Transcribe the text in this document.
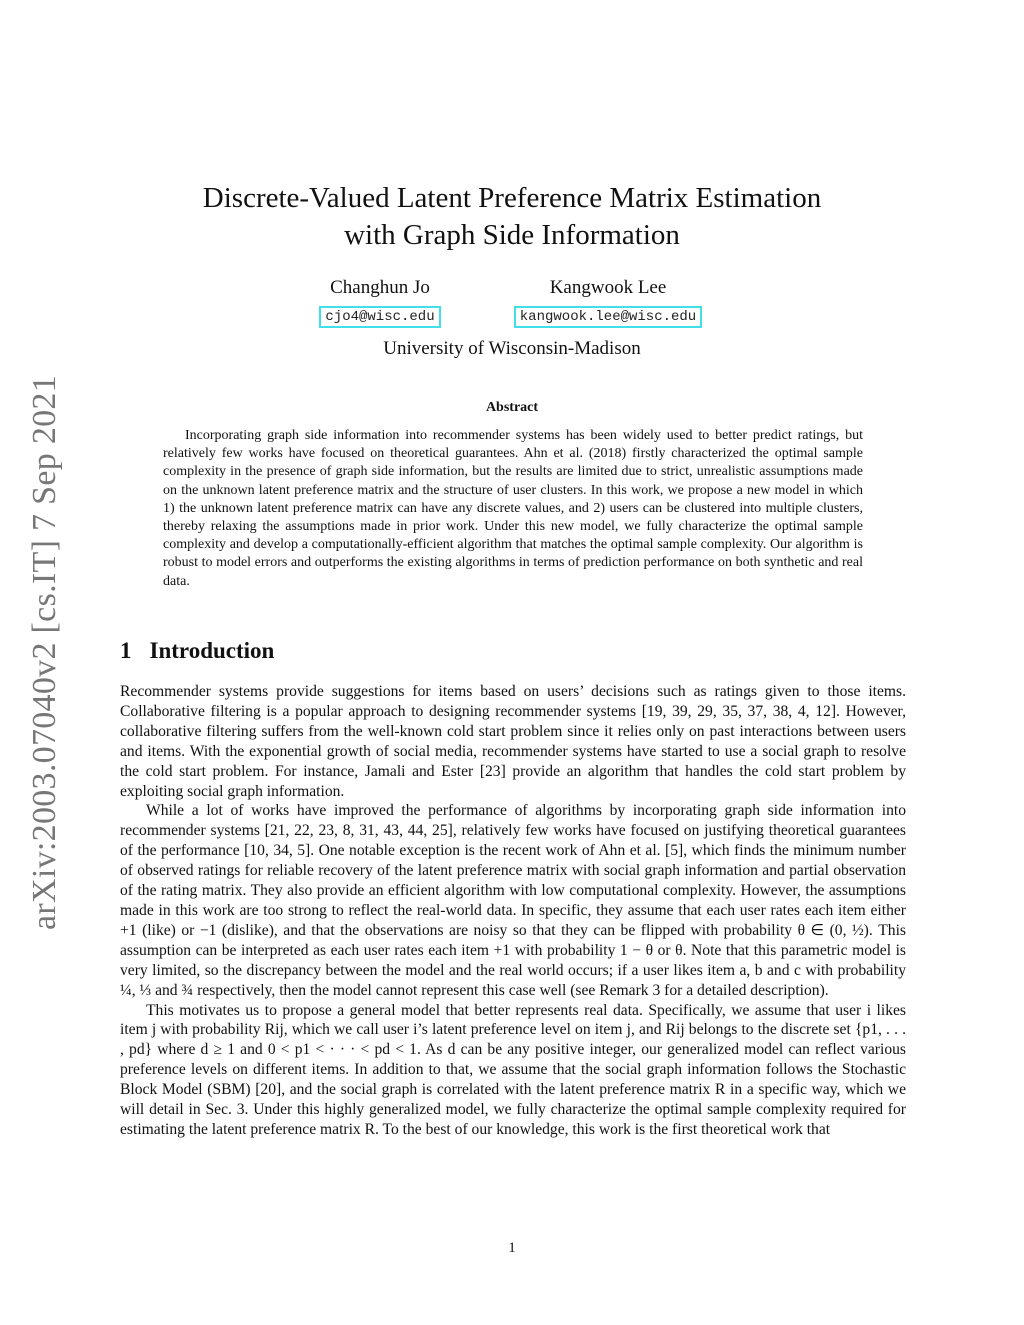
arXiv:2003.07040v2 [cs.IT] 7 Sep 2021
Discrete-Valued Latent Preference Matrix Estimation
with Graph Side Information
Changhun Jo
cjo4@wisc.edu
Kangwook Lee
kangwook.lee@wisc.edu
University of Wisconsin-Madison
Abstract

Incorporating graph side information into recommender systems has been widely used to better predict ratings, but relatively few works have focused on theoretical guarantees. Ahn et al. (2018) firstly characterized the optimal sample complexity in the presence of graph side information, but the results are limited due to strict, unrealistic assumptions made on the unknown latent preference matrix and the structure of user clusters. In this work, we propose a new model in which 1) the unknown latent preference matrix can have any discrete values, and 2) users can be clustered into multiple clusters, thereby relaxing the assumptions made in prior work. Under this new model, we fully characterize the optimal sample complexity and develop a computationally-efficient algorithm that matches the optimal sample complexity. Our algorithm is robust to model errors and outperforms the existing algorithms in terms of prediction performance on both synthetic and real data.

1 Introduction

Recommender systems provide suggestions for items based on users’ decisions such as ratings given to those items. Collaborative filtering is a popular approach to designing recommender systems [19, 39, 29, 35, 37, 38, 4, 12]. However, collaborative filtering suffers from the well-known cold start problem since it relies only on past interactions between users and items. With the exponential growth of social media, recommender systems have started to use a social graph to resolve the cold start problem. For instance, Jamali and Ester [23] provide an algorithm that handles the cold start problem by exploiting social graph information.

While a lot of works have improved the performance of algorithms by incorporating graph side information into recommender systems [21, 22, 23, 8, 31, 43, 44, 25], relatively few works have focused on justifying theoretical guarantees of the performance [10, 34, 5]. One notable exception is the recent work of Ahn et al. [5], which finds the minimum number of observed ratings for reliable recovery of the latent preference matrix with social graph information and partial observation of the rating matrix. They also provide an efficient algorithm with low computational complexity. However, the assumptions made in this work are too strong to reflect the real-world data. In specific, they assume that each user rates each item either +1 (like) or −1 (dislike), and that the observations are noisy so that they can be flipped with probability θ ∈ (0, ½). This assumption can be interpreted as each user rates each item +1 with probability 1 − θ or θ. Note that this parametric model is very limited, so the discrepancy between the model and the real world occurs; if a user likes item a, b and c with probability ¼, ⅓ and ¾ respectively, then the model cannot represent this case well (see Remark 3 for a detailed description).

This motivates us to propose a general model that better represents real data. Specifically, we assume that user i likes item j with probability Rij, which we call user i’s latent preference level on item j, and Rij belongs to the discrete set {p1, . . . , pd} where d ≥ 1 and 0 < p1 < · · · < pd < 1. As d can be any positive integer, our generalized model can reflect various preference levels on different items. In addition to that, we assume that the social graph information follows the Stochastic Block Model (SBM) [20], and the social graph is correlated with the latent preference matrix R in a specific way, which we will detail in Sec. 3. Under this highly generalized model, we fully characterize the optimal sample complexity required for estimating the latent preference matrix R. To the best of our knowledge, this work is the first theoretical work that

1
